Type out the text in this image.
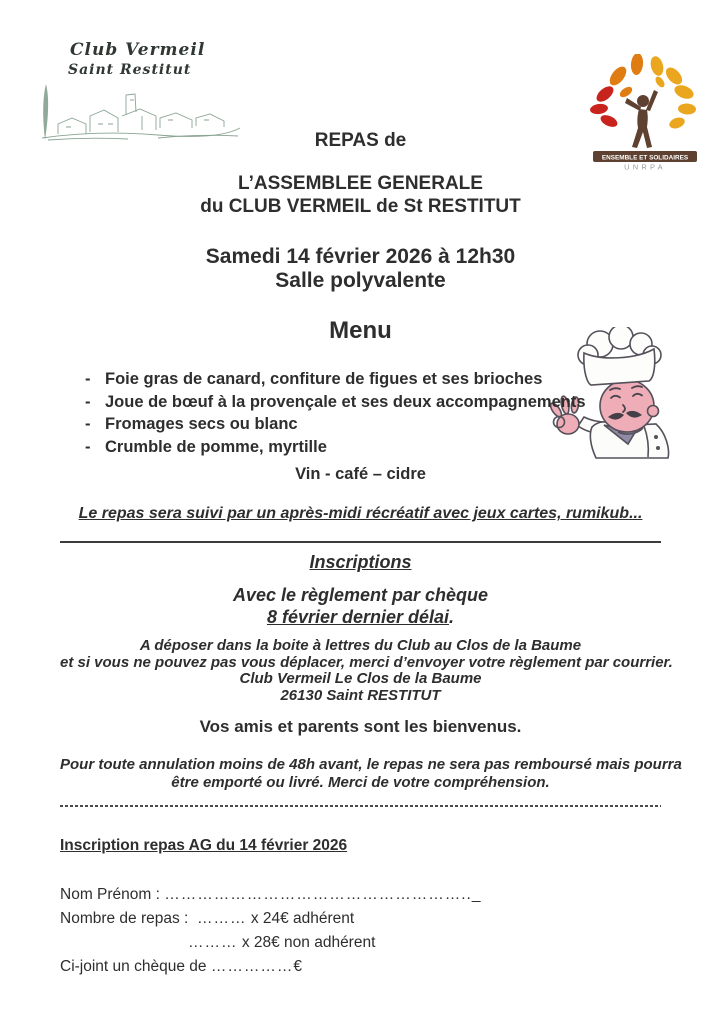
Club Vermeil
Saint Restitut
ENSEMBLE ET SOLIDAIRES
UNRPA
REPAS de
L’ASSEMBLEE GENERALE
du CLUB VERMEIL de St RESTITUT
Samedi 14 février 2026 à 12h30
Salle polyvalente
Menu
- Foie gras de canard, confiture de figues et ses brioches
- Joue de bœuf à la provençale et ses deux accompagnements
- Fromages secs ou blanc
- Crumble de pomme, myrtille
Vin - café – cidre
Le repas sera suivi par un après-midi récréatif avec jeux cartes, rumikub...
Inscriptions
Avec le règlement par chèque
8 février dernier délai.
A déposer dans la boite à lettres du Club au Clos de la Baume
et si vous ne pouvez pas vous déplacer, merci d’envoyer votre règlement par courrier.
Club Vermeil Le Clos de la Baume
26130 Saint RESTITUT
Vos amis et parents sont les bienvenus.
Pour toute annulation moins de 48h avant, le repas ne sera pas remboursé mais pourra
être emporté ou livré. Merci de votre compréhension.
Inscription repas AG du 14 février 2026
Nom Prénom : ……………………………………………….._
Nombre de repas : ……… x 24€ adhérent
……… x 28€ non adhérent
Ci-joint un chèque de ……………€
